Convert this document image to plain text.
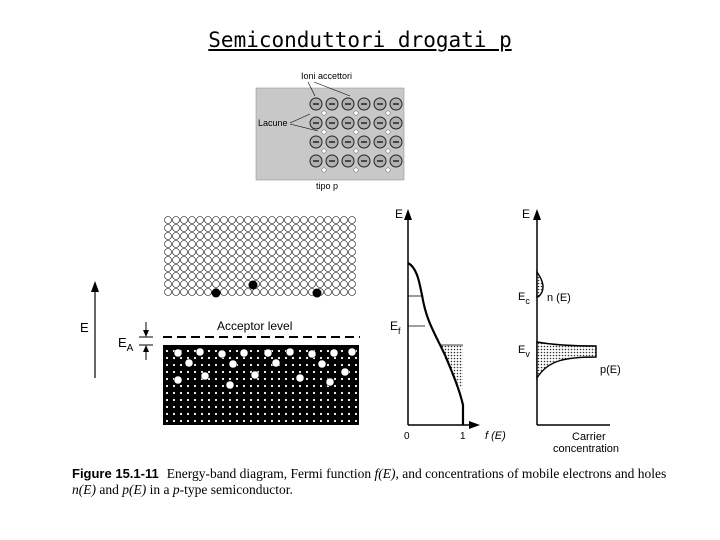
Semiconduttori drogati p
Ioni accettori
Lacune
tipo p
Acceptor level
E
$E_A$
E
$E_f$
0	1 f (E)
E
$E_c$
$E_v$
n (E)
p(E)
Carrier
concentration
Figure 15.1-11 Energy-band diagram, Fermi function f(E), and concentrations of mobile electrons and holes n(E) and p(E) in a p-type semiconductor.
